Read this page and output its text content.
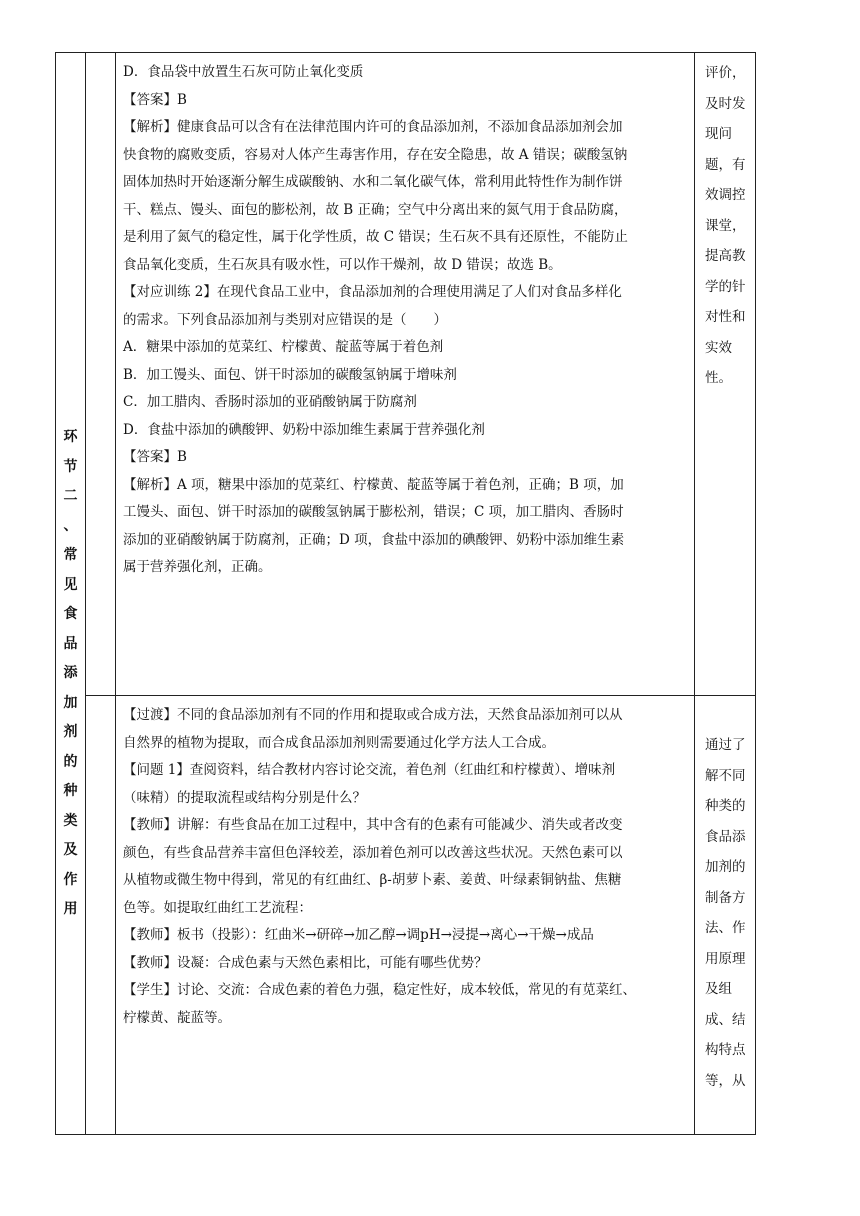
环
节
二
、
常
见
食
品
添
加
剂
的
种
类
及
作
用

D．食品袋中放置生石灰可防止氧化变质

【答案】B

【解析】健康食品可以含有在法律范围内许可的食品添加剂，不添加食品添加剂会加

快食物的腐败变质，容易对人体产生毒害作用，存在安全隐患，故 A 错误；碳酸氢钠

固体加热时开始逐渐分解生成碳酸钠、水和二氧化碳气体，常利用此特性作为制作饼

干、糕点、馒头、面包的膨松剂，故 B 正确；空气中分离出来的氮气用于食品防腐，

是利用了氮气的稳定性，属于化学性质，故 C 错误；生石灰不具有还原性，不能防止

食品氧化变质，生石灰具有吸水性，可以作干燥剂，故 D 错误；故选 B。

【对应训练 2】在现代食品工业中，食品添加剂的合理使用满足了人们对食品多样化

的需求。下列食品添加剂与类别对应错误的是（　　）

A．糖果中添加的苋菜红、柠檬黄、靛蓝等属于着色剂

B．加工馒头、面包、饼干时添加的碳酸氢钠属于增味剂

C．加工腊肉、香肠时添加的亚硝酸钠属于防腐剂

D．食盐中添加的碘酸钾、奶粉中添加维生素属于营养强化剂

【答案】B

【解析】A 项，糖果中添加的苋菜红、柠檬黄、靛蓝等属于着色剂，正确；B 项，加

工馒头、面包、饼干时添加的碳酸氢钠属于膨松剂，错误；C 项，加工腊肉、香肠时

添加的亚硝酸钠属于防腐剂，正确；D 项，食盐中添加的碘酸钾、奶粉中添加维生素

属于营养强化剂，正确。

评价，

及时发

现问

题，有

效调控

课堂，

提高教

学的针

对性和

实效

性。

【过渡】不同的食品添加剂有不同的作用和提取或合成方法，天然食品添加剂可以从

自然界的植物为提取，而合成食品添加剂则需要通过化学方法人工合成。

【问题 1】查阅资料，结合教材内容讨论交流，着色剂（红曲红和柠檬黄）、增味剂

（味精）的提取流程或结构分别是什么？

【教师】讲解：有些食品在加工过程中，其中含有的色素有可能减少、消失或者改变

颜色，有些食品营养丰富但色泽较差，添加着色剂可以改善这些状况。天然色素可以

从植物或微生物中得到，常见的有红曲红、β-胡萝卜素、姜黄、叶绿素铜钠盐、焦糖

色等。如提取红曲红工艺流程：

【教师】板书（投影）：红曲米→研碎→加乙醇→调pH→浸提→离心→干燥→成品

【教师】设凝：合成色素与天然色素相比，可能有哪些优势？

【学生】讨论、交流：合成色素的着色力强，稳定性好，成本较低，常见的有苋菜红、

柠檬黄、靛蓝等。

通过了

解不同

种类的

食品添

加剂的

制备方

法、作

用原理

及组

成、结

构特点

等，从
